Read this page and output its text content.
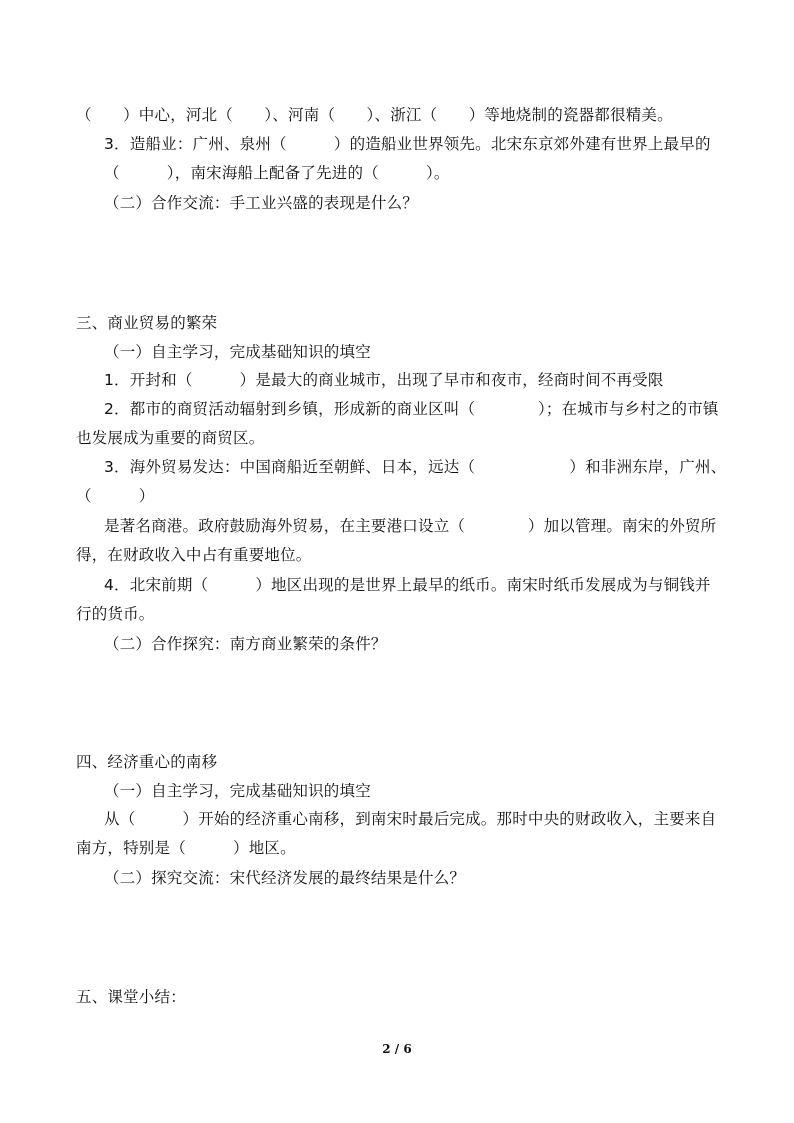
（　　）中心，河北（　　）、河南（　　）、浙江（　　）等地烧制的瓷器都很精美。
3．造船业：广州、泉州（　　　）的造船业世界领先。北宋东京郊外建有世界上最早的
（　　　），南宋海船上配备了先进的（　　　）。
（二）合作交流：手工业兴盛的表现是什么？
三、商业贸易的繁荣
（一）自主学习，完成基础知识的填空
1．开封和（　　　）是最大的商业城市，出现了早市和夜市，经商时间不再受限
2．都市的商贸活动辐射到乡镇，形成新的商业区叫（　　　　）；在城市与乡村之的市镇
也发展成为重要的商贸区。
3．海外贸易发达：中国商船近至朝鲜、日本，远达（　　　　　　）和非洲东岸，广州、
（　　　）
是著名商港。政府鼓励海外贸易，在主要港口设立（　　　　）加以管理。南宋的外贸所
得，在财政收入中占有重要地位。
4．北宋前期（　　　）地区出现的是世界上最早的纸币。南宋时纸币发展成为与铜钱并
行的货币。
（二）合作探究：南方商业繁荣的条件？
四、经济重心的南移
（一）自主学习，完成基础知识的填空
从（　　　）开始的经济重心南移，到南宋时最后完成。那时中央的财政收入，主要来自
南方，特别是（　　　）地区。
（二）探究交流：宋代经济发展的最终结果是什么？
五、课堂小结：
2 / 6
